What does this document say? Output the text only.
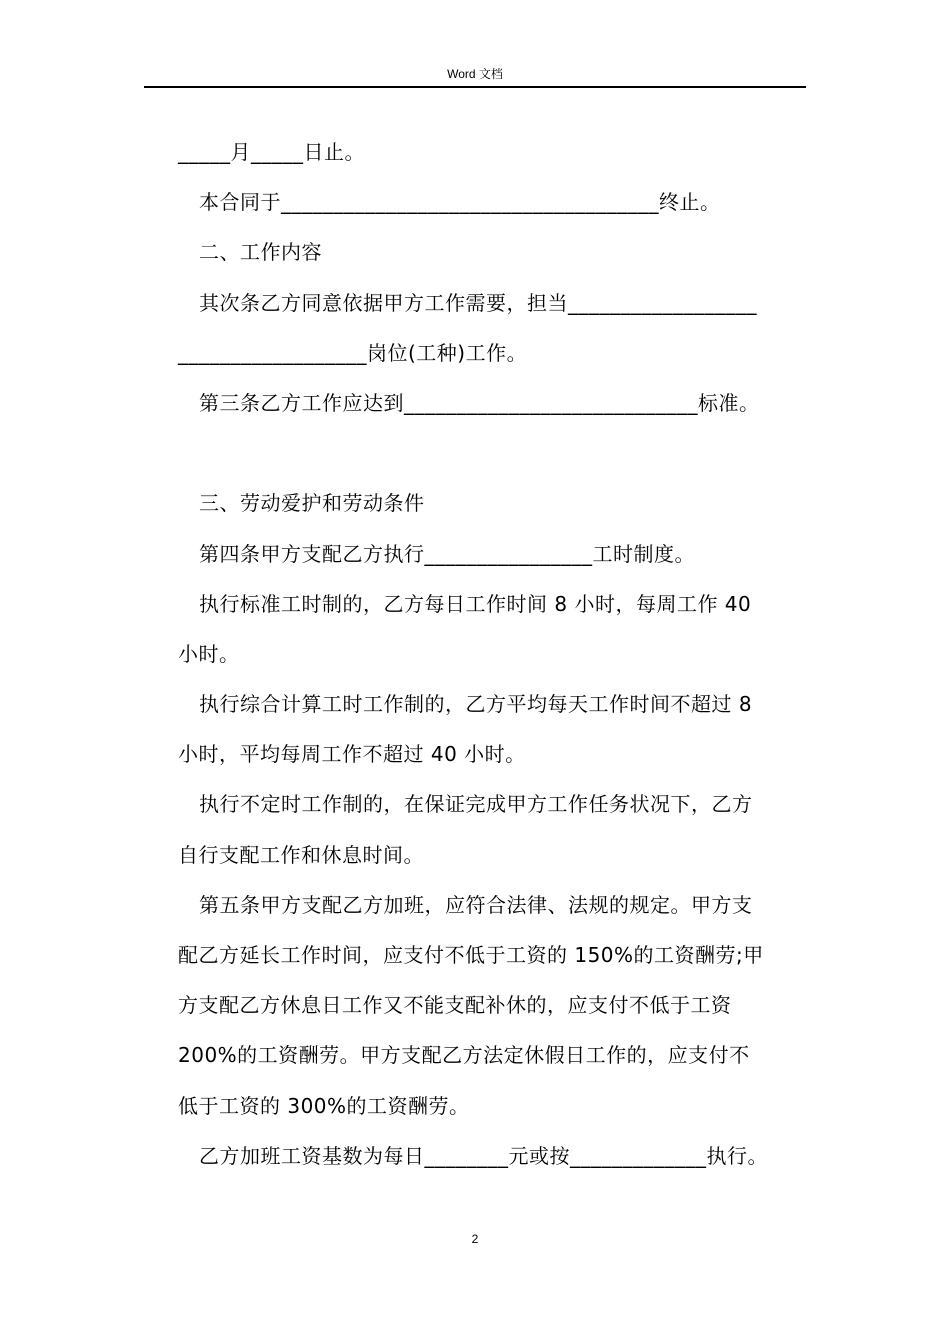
Word 文档
_____月_____日止。
本合同于____________________________________终止。
二、工作内容
其次条乙方同意依据甲方工作需要，担当__________________
__________________岗位(工种)工作。
第三条乙方工作应达到____________________________标准。
三、劳动爱护和劳动条件
第四条甲方支配乙方执行________________工时制度。
执行标准工时制的，乙方每日工作时间 8 小时，每周工作 40
小时。
执行综合计算工时工作制的，乙方平均每天工作时间不超过 8
小时，平均每周工作不超过 40 小时。
执行不定时工作制的，在保证完成甲方工作任务状况下，乙方
自行支配工作和休息时间。
第五条甲方支配乙方加班，应符合法律、法规的规定。甲方支
配乙方延长工作时间，应支付不低于工资的 150%的工资酬劳;甲
方支配乙方休息日工作又不能支配补休的，应支付不低于工资
200%的工资酬劳。甲方支配乙方法定休假日工作的，应支付不
低于工资的 300%的工资酬劳。
乙方加班工资基数为每日________元或按_____________执行。
2
